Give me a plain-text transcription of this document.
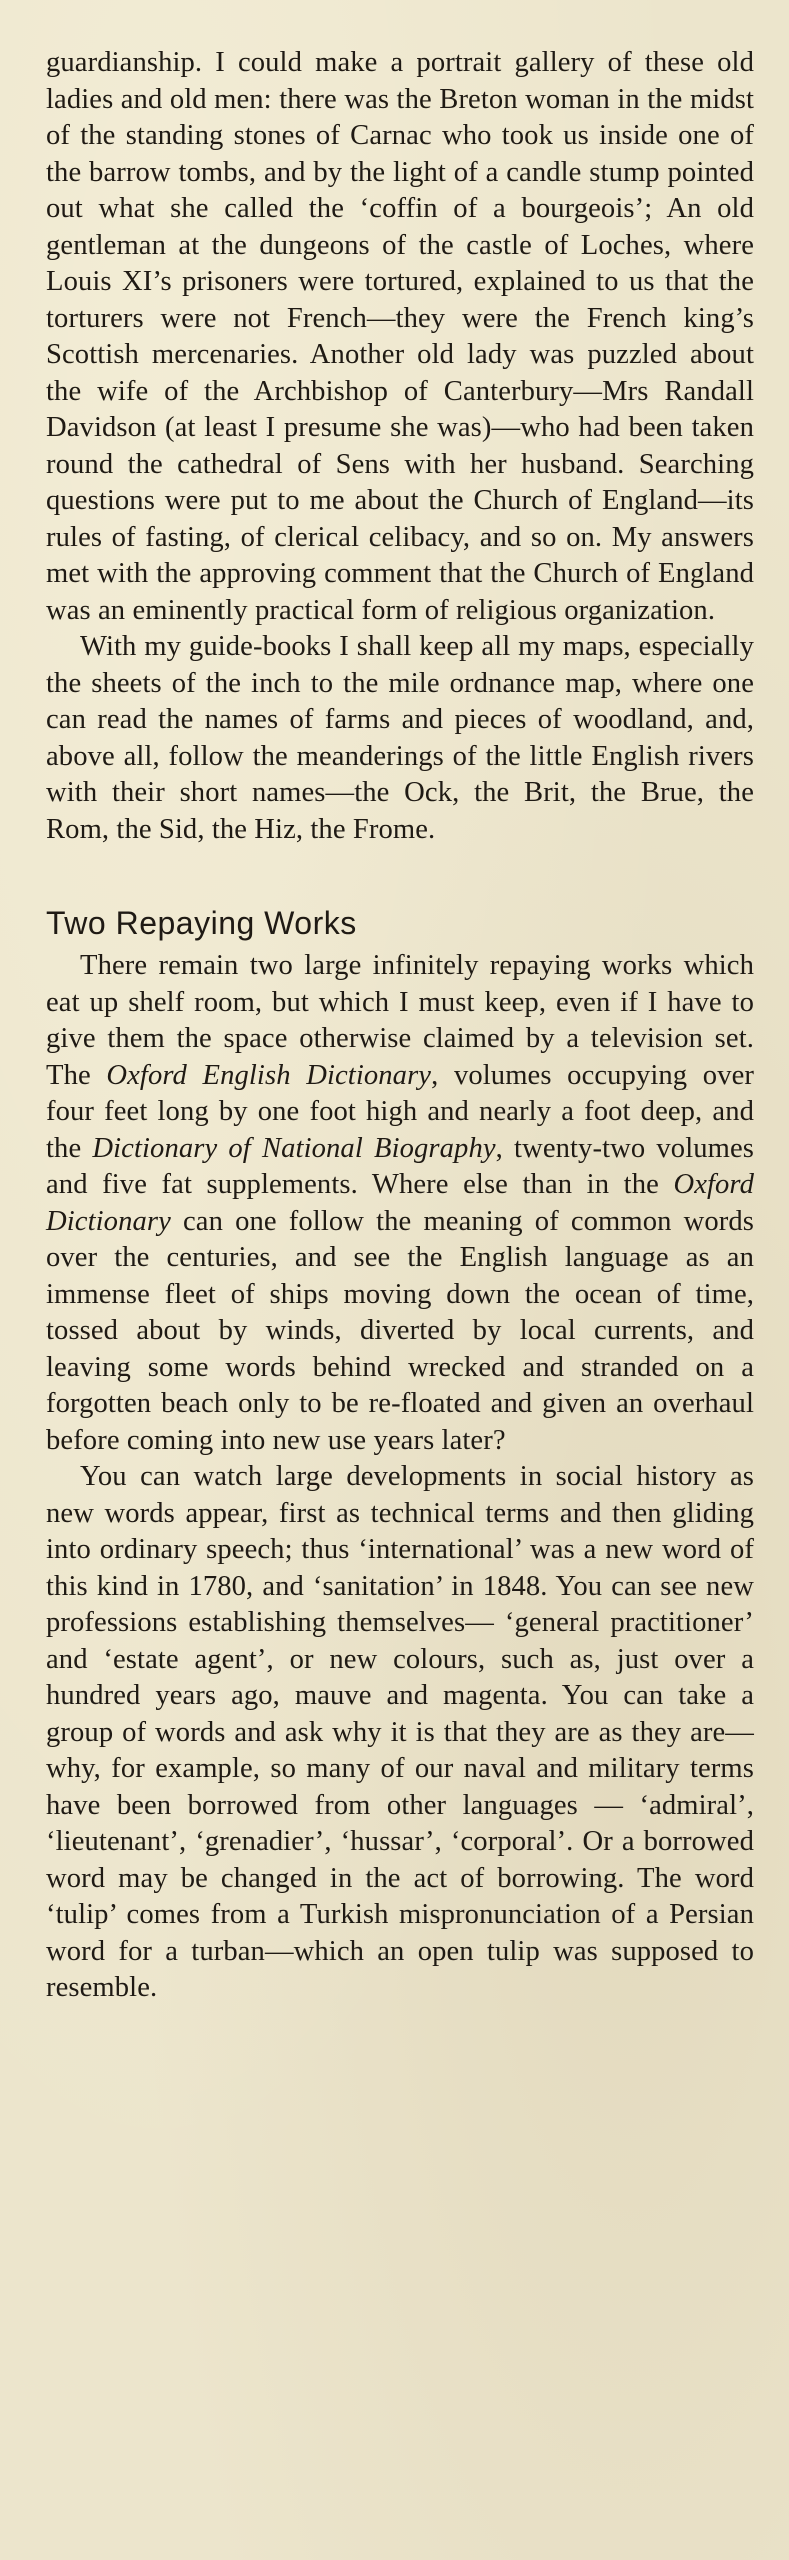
guardianship. I could make a portrait gallery of these old ladies and old men: there was the Breton woman in the midst of the standing stones of Carnac who took us inside one of the barrow tombs, and by the light of a candle stump pointed out what she called the ‘coffin of a bourgeois’; An old gentleman at the dungeons of the castle of Loches, where Louis XI’s prisoners were tortured, explained to us that the torturers were not French—they were the French king’s Scottish mercenaries. Another old lady was puzzled about the wife of the Archbishop of Canterbury—Mrs Randall Davidson (at least I presume she was)—who had been taken round the cathedral of Sens with her husband. Searching questions were put to me about the Church of England—its rules of fasting, of clerical celibacy, and so on. My answers met with the approving comment that the Church of England was an eminently practical form of religious organization.

With my guide-books I shall keep all my maps, especially the sheets of the inch to the mile ordnance map, where one can read the names of farms and pieces of woodland, and, above all, follow the meanderings of the little English rivers with their short names—the Ock, the Brit, the Brue, the Rom, the Sid, the Hiz, the Frome.

Two Repaying Works

There remain two large infinitely repaying works which eat up shelf room, but which I must keep, even if I have to give them the space otherwise claimed by a television set. The Oxford English Dictionary, volumes occupying over four feet long by one foot high and nearly a foot deep, and the Dictionary of National Biography, twenty-two volumes and five fat supplements. Where else than in the Oxford Dictionary can one follow the meaning of common words over the centuries, and see the English language as an immense fleet of ships moving down the ocean of time, tossed about by winds, diverted by local currents, and leaving some words behind wrecked and stranded on a forgotten beach only to be re-floated and given an overhaul before coming into new use years later?

You can watch large developments in social history as new words appear, first as technical terms and then gliding into ordinary speech; thus ‘international’ was a new word of this kind in 1780, and ‘sanitation’ in 1848. You can see new professions establishing themselves— ‘general practitioner’ and ‘estate agent’, or new colours, such as, just over a hundred years ago, mauve and magenta. You can take a group of words and ask why it is that they are as they are—why, for example, so many of our naval and military terms have been borrowed from other languages — ‘admiral’, ‘lieutenant’, ‘grenadier’, ‘hussar’, ‘corporal’. Or a borrowed word may be changed in the act of borrowing. The word ‘tulip’ comes from a Turkish mispronunciation of a Persian word for a turban—which an open tulip was supposed to resemble.
